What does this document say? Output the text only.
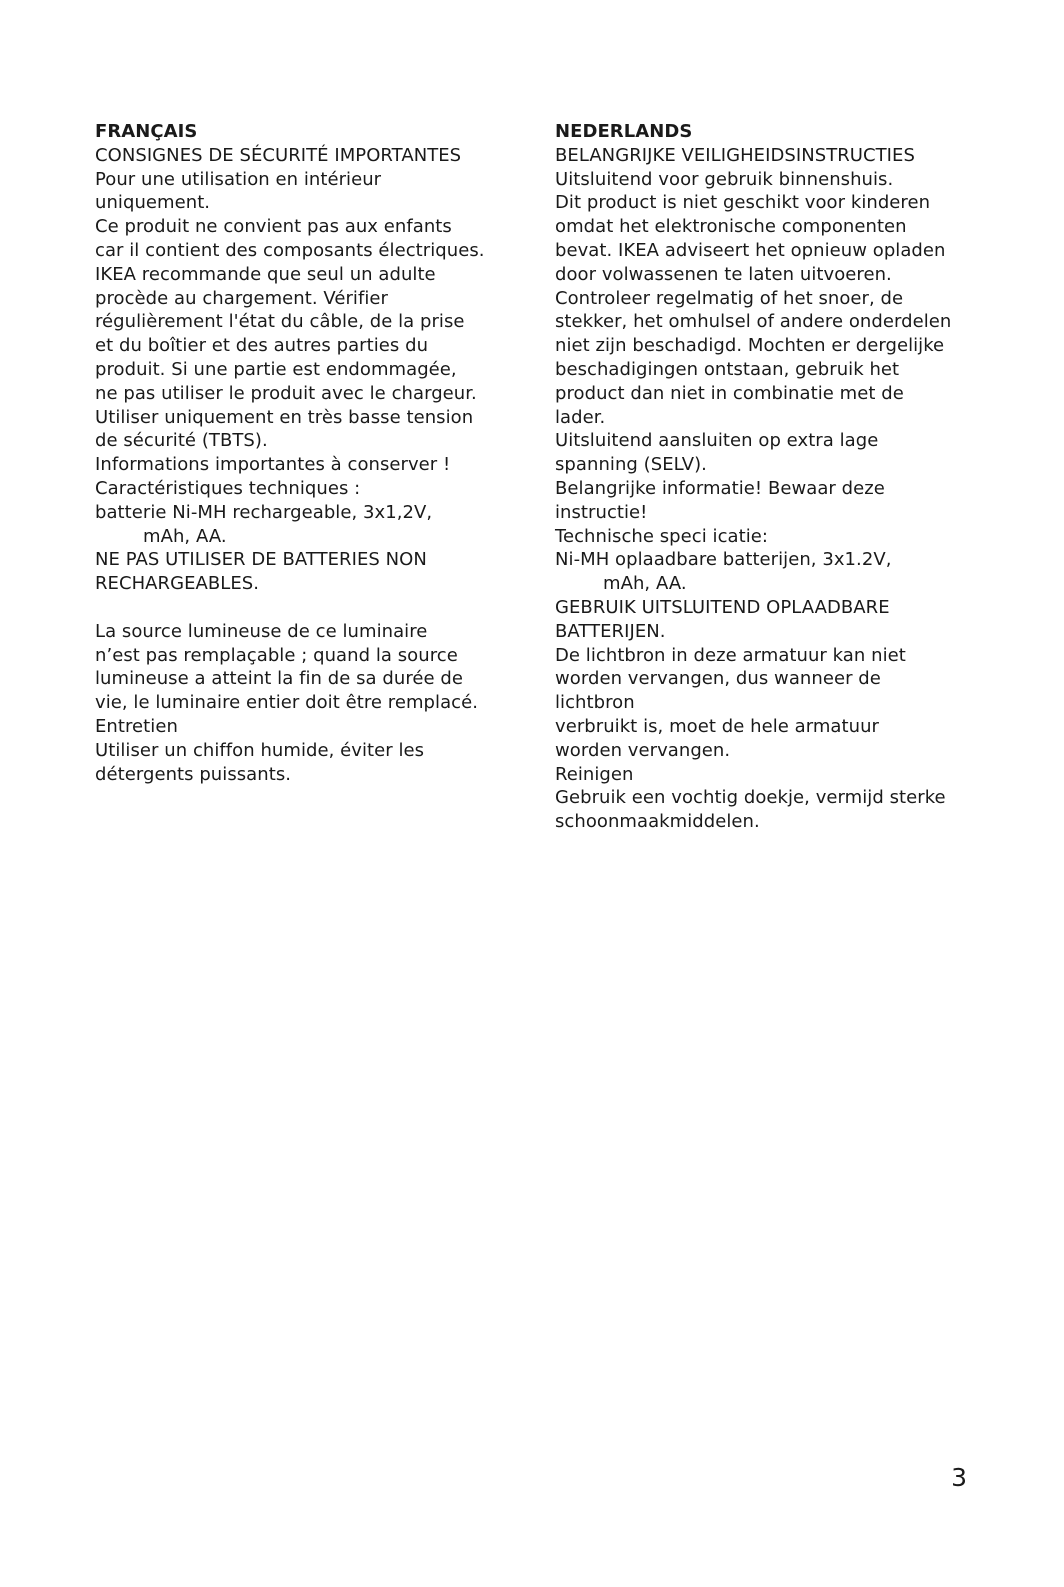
FRANÇAIS
CONSIGNES DE SÉCURITÉ IMPORTANTES
Pour une utilisation en intérieur
uniquement.
Ce produit ne convient pas aux enfants
car il contient des composants électriques.
IKEA recommande que seul un adulte
procède au chargement. Vérifier
régulièrement l'état du câble, de la prise
et du boîtier et des autres parties du
produit. Si une partie est endommagée,
ne pas utiliser le produit avec le chargeur.
Utiliser uniquement en très basse tension
de sécurité (TBTS).
Informations importantes à conserver !
Caractéristiques techniques :
batterie Ni-MH rechargeable, 3x1,2V,
mAh, AA.
NE PAS UTILISER DE BATTERIES NON
RECHARGEABLES.
La source lumineuse de ce luminaire
n’est pas remplaçable ; quand la source
lumineuse a atteint la fin de sa durée de
vie, le luminaire entier doit être remplacé.
Entretien
Utiliser un chiffon humide, éviter les
détergents puissants.
NEDERLANDS
BELANGRIJKE VEILIGHEIDSINSTRUCTIES
Uitsluitend voor gebruik binnenshuis.
Dit product is niet geschikt voor kinderen
omdat het elektronische componenten
bevat. IKEA adviseert het opnieuw opladen
door volwassenen te laten uitvoeren.
Controleer regelmatig of het snoer, de
stekker, het omhulsel of andere onderdelen
niet zijn beschadigd. Mochten er dergelijke
beschadigingen ontstaan, gebruik het
product dan niet in combinatie met de
lader.
Uitsluitend aansluiten op extra lage
spanning (SELV).
Belangrijke informatie! Bewaar deze
instructie!
Technische speci icatie:
Ni-MH oplaadbare batterijen, 3x1.2V,
mAh, AA.
GEBRUIK UITSLUITEND OPLAADBARE
BATTERIJEN.
De lichtbron in deze armatuur kan niet
worden vervangen, dus wanneer de
lichtbron
verbruikt is, moet de hele armatuur
worden vervangen.
Reinigen
Gebruik een vochtig doekje, vermijd sterke
schoonmaakmiddelen.
3
